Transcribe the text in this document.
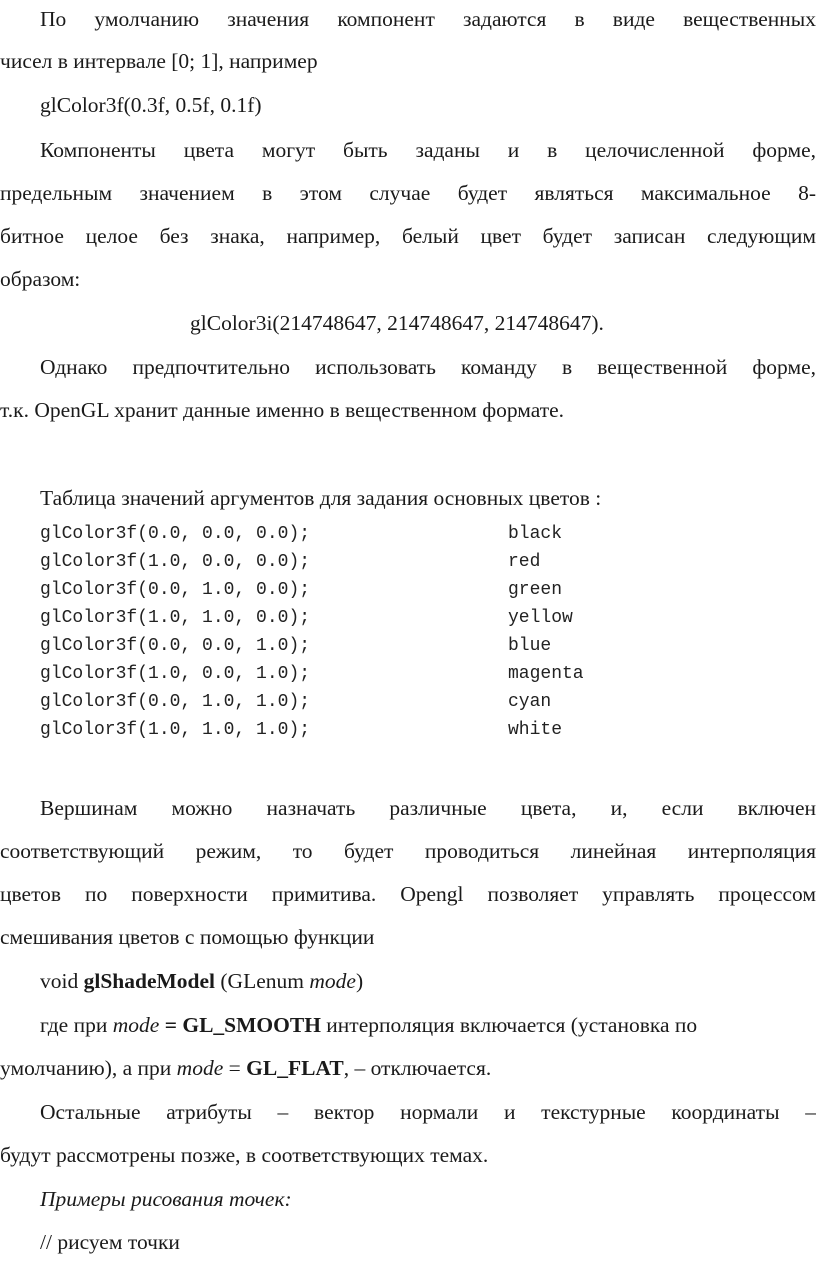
По умолчанию значения компонент задаются в виде вещественных
чисел в интервале [0; 1], например
glColor3f(0.3f, 0.5f, 0.1f)
Компоненты цвета могут быть заданы и в целочисленной форме,
предельным значением в этом случае будет являться максимальное 8-
битное целое без знака, например, белый цвет будет записан следующим
образом:
glColor3i(214748647, 214748647, 214748647).
Однако предпочтительно использовать команду в вещественной форме,
т.к. OpenGL хранит данные именно в вещественном формате.
Таблица значений аргументов для задания основных цветов :
glColor3f(0.0, 0.0, 0.0);	black
glColor3f(1.0, 0.0, 0.0);	red
glColor3f(0.0, 1.0, 0.0);	green
glColor3f(1.0, 1.0, 0.0);	yellow
glColor3f(0.0, 0.0, 1.0);	blue
glColor3f(1.0, 0.0, 1.0);	magenta
glColor3f(0.0, 1.0, 1.0);	cyan
glColor3f(1.0, 1.0, 1.0);	white
Вершинам можно назначать различные цвета, и, если включен
соответствующий режим, то будет проводиться линейная интерполяция
цветов по поверхности примитива. Opengl позволяет управлять процессом
смешивания цветов с помощью функции
void glShadeModel (GLenum mode)
где при mode = GL_SMOOTH интерполяция включается (установка по
умолчанию), а при mode = GL_FLAT, – отключается.
Остальные атрибуты – вектор нормали и текстурные координаты –
будут рассмотрены позже, в соответствующих темах.
Примеры рисования точек:
// рисуем точки
